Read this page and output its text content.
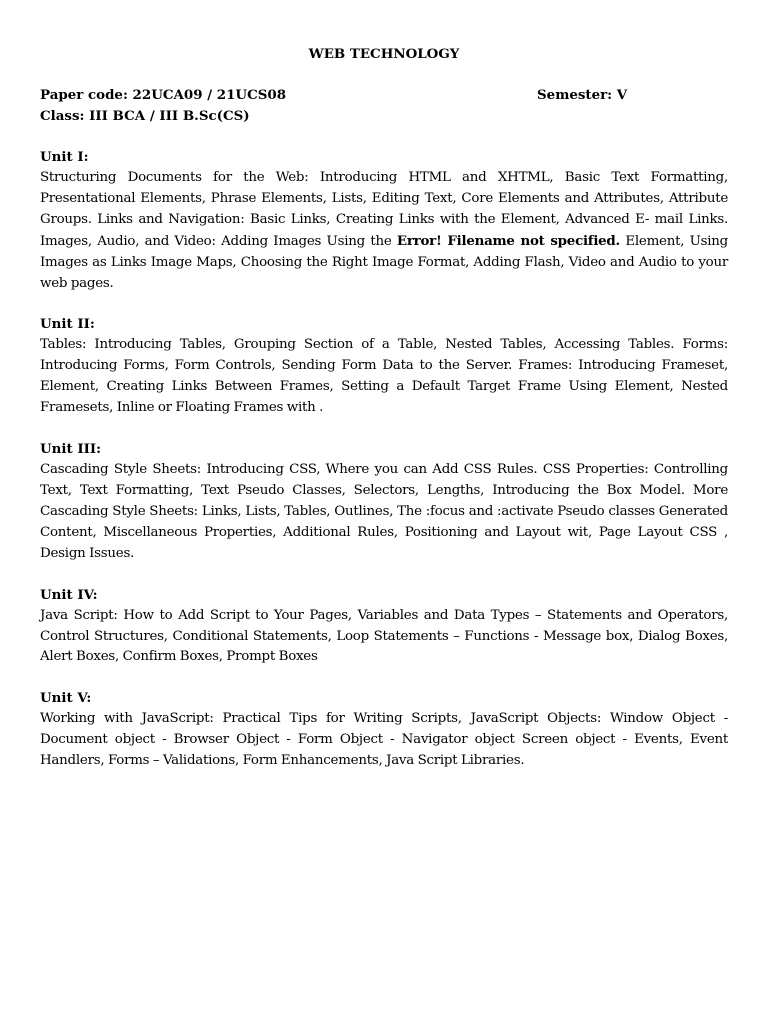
WEB TECHNOLOGY
Paper code: 22UCA09 / 21UCS08	Semester: V
Class: III BCA / III B.Sc(CS)
Unit I:
Structuring Documents for the Web: Introducing HTML and XHTML, Basic Text Formatting, Presentational Elements, Phrase Elements, Lists, Editing Text, Core Elements and Attributes, Attribute Groups. Links and Navigation: Basic Links, Creating Links with the Element, Advanced E- mail Links. Images, Audio, and Video: Adding Images Using the Error! Filename not specified. Element, Using Images as Links Image Maps, Choosing the Right Image Format, Adding Flash, Video and Audio to your web pages.
Unit II:
Tables: Introducing Tables, Grouping Section of a Table, Nested Tables, Accessing Tables. Forms: Introducing Forms, Form Controls, Sending Form Data to the Server. Frames: Introducing Frameset, Element, Creating Links Between Frames, Setting a Default Target Frame Using Element, Nested Framesets, Inline or Floating Frames with .
Unit III:
Cascading Style Sheets: Introducing CSS, Where you can Add CSS Rules. CSS Properties: Controlling Text, Text Formatting, Text Pseudo Classes, Selectors, Lengths, Introducing the Box Model. More Cascading Style Sheets: Links, Lists, Tables, Outlines, The :focus and :activate Pseudo classes Generated Content, Miscellaneous Properties, Additional Rules, Positioning and Layout wit, Page Layout CSS , Design Issues.
Unit IV:
Java Script: How to Add Script to Your Pages, Variables and Data Types – Statements and Operators, Control Structures, Conditional Statements, Loop Statements – Functions - Message box, Dialog Boxes, Alert Boxes, Confirm Boxes, Prompt Boxes
Unit V:
Working with JavaScript: Practical Tips for Writing Scripts, JavaScript Objects: Window Object - Document object - Browser Object - Form Object - Navigator object Screen object - Events, Event Handlers, Forms – Validations, Form Enhancements, Java Script Libraries.
